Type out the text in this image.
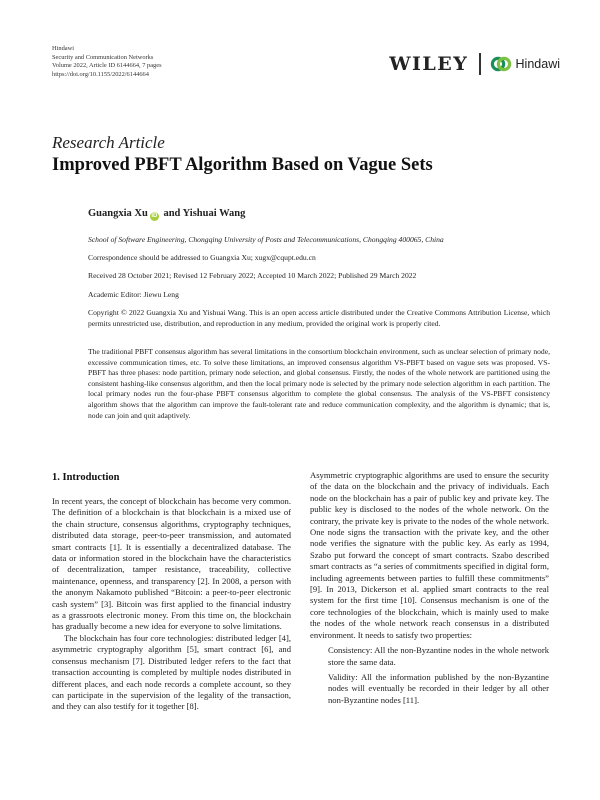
Hindawi
Security and Communication Networks
Volume 2022, Article ID 6144664, 7 pages
https://doi.org/10.1155/2022/6144664	WILEY	Hindawi
Research Article
Improved PBFT Algorithm Based on Vague Sets
Guangxia Xu iD and Yishuai Wang
School of Software Engineering, Chongqing University of Posts and Telecommunications, Chongqing 400065, China
Correspondence should be addressed to Guangxia Xu; xugx@cqupt.edu.cn
Received 28 October 2021; Revised 12 February 2022; Accepted 10 March 2022; Published 29 March 2022
Academic Editor: Jiewu Leng
Copyright © 2022 Guangxia Xu and Yishuai Wang. This is an open access article distributed under the Creative Commons Attribution License, which permits unrestricted use, distribution, and reproduction in any medium, provided the original work is properly cited.
The traditional PBFT consensus algorithm has several limitations in the consortium blockchain environment, such as unclear selection of primary node, excessive communication times, etc. To solve these limitations, an improved consensus algorithm VS-PBFT based on vague sets was proposed. VS-PBFT has three phases: node partition, primary node selection, and global consensus. Firstly, the nodes of the whole network are partitioned using the consistent hashing-like consensus algorithm, and then the local primary node is selected by the primary node selection algorithm in each partition. The local primary nodes run the four-phase PBFT consensus algorithm to complete the global consensus. The analysis of the VS-PBFT consistency algorithm shows that the algorithm can improve the fault-tolerant rate and reduce communication complexity, and the algorithm is dynamic; that is, node can join and quit adaptively.
1. Introduction

In recent years, the concept of blockchain has become very common. The definition of a blockchain is that blockchain is a mixed use of the chain structure, consensus algorithms, cryptography techniques, distributed data storage, peer-to-peer transmission, and automated smart contracts [1]. It is essentially a decentralized database. The data or information stored in the blockchain have the characteristics of decentralization, tamper resistance, traceability, collective maintenance, openness, and transparency [2]. In 2008, a person with the anonym Nakamoto published “Bitcoin: a peer-to-peer electronic cash system” [3]. Bitcoin was first applied to the financial industry as a grassroots electronic money. From this time on, the blockchain has gradually become a new idea for everyone to solve limitations.

The blockchain has four core technologies: distributed ledger [4], asymmetric cryptography algorithm [5], smart contract [6], and consensus mechanism [7]. Distributed ledger refers to the fact that transaction accounting is completed by multiple nodes distributed in different places, and each node records a complete account, so they can participate in the supervision of the legality of the transaction, and they can also testify for it together [8].

Asymmetric cryptographic algorithms are used to ensure the security of the data on the blockchain and the privacy of individuals. Each node on the blockchain has a pair of public key and private key. The public key is disclosed to the nodes of the whole network. On the contrary, the private key is private to the nodes of the whole network. One node signs the transaction with the private key, and the other node verifies the signature with the public key. As early as 1994, Szabo put forward the concept of smart contracts. Szabo described smart contracts as “a series of commitments specified in digital form, including agreements between parties to fulfill these commitments” [9]. In 2013, Dickerson et al. applied smart contracts to the real system for the first time [10]. Consensus mechanism is one of the core technologies of the blockchain, which is mainly used to make the nodes of the whole network reach consensus in a distributed environment. It needs to satisfy two properties:

Consistency: All the non-Byzantine nodes in the whole network store the same data.

Validity: All the information published by the non-Byzantine nodes will eventually be recorded in their ledger by all other non-Byzantine nodes [11].
